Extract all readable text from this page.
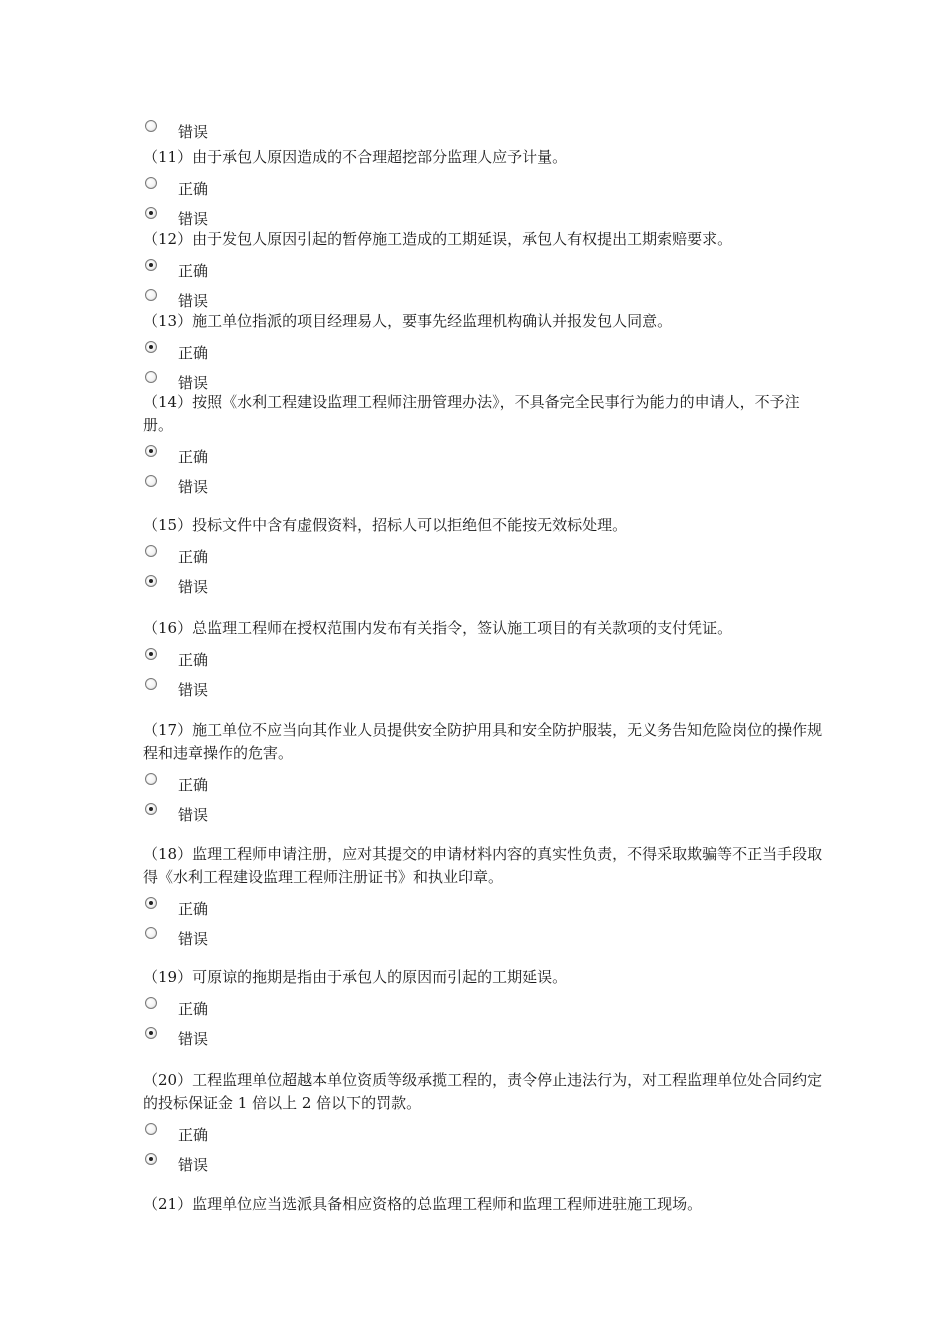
错误
（11）由于承包人原因造成的不合理超挖部分监理人应予计量。
正确
错误
（12）由于发包人原因引起的暂停施工造成的工期延误，承包人有权提出工期索赔要求。
正确
错误
（13）施工单位指派的项目经理易人，要事先经监理机构确认并报发包人同意。
正确
错误
（14）按照《水利工程建设监理工程师注册管理办法》，不具备完全民事行为能力的申请人，不予注册。
正确
错误
（15）投标文件中含有虚假资料，招标人可以拒绝但不能按无效标处理。
正确
错误
（16）总监理工程师在授权范围内发布有关指令，签认施工项目的有关款项的支付凭证。
正确
错误
（17）施工单位不应当向其作业人员提供安全防护用具和安全防护服装，无义务告知危险岗位的操作规程和违章操作的危害。
正确
错误
（18）监理工程师申请注册，应对其提交的申请材料内容的真实性负责，不得采取欺骗等不正当手段取得《水利工程建设监理工程师注册证书》和执业印章。
正确
错误
（19）可原谅的拖期是指由于承包人的原因而引起的工期延误。
正确
错误
（20）工程监理单位超越本单位资质等级承揽工程的，责令停止违法行为，对工程监理单位处合同约定的投标保证金 1 倍以上 2 倍以下的罚款。
正确
错误
（21）监理单位应当选派具备相应资格的总监理工程师和监理工程师进驻施工现场。
